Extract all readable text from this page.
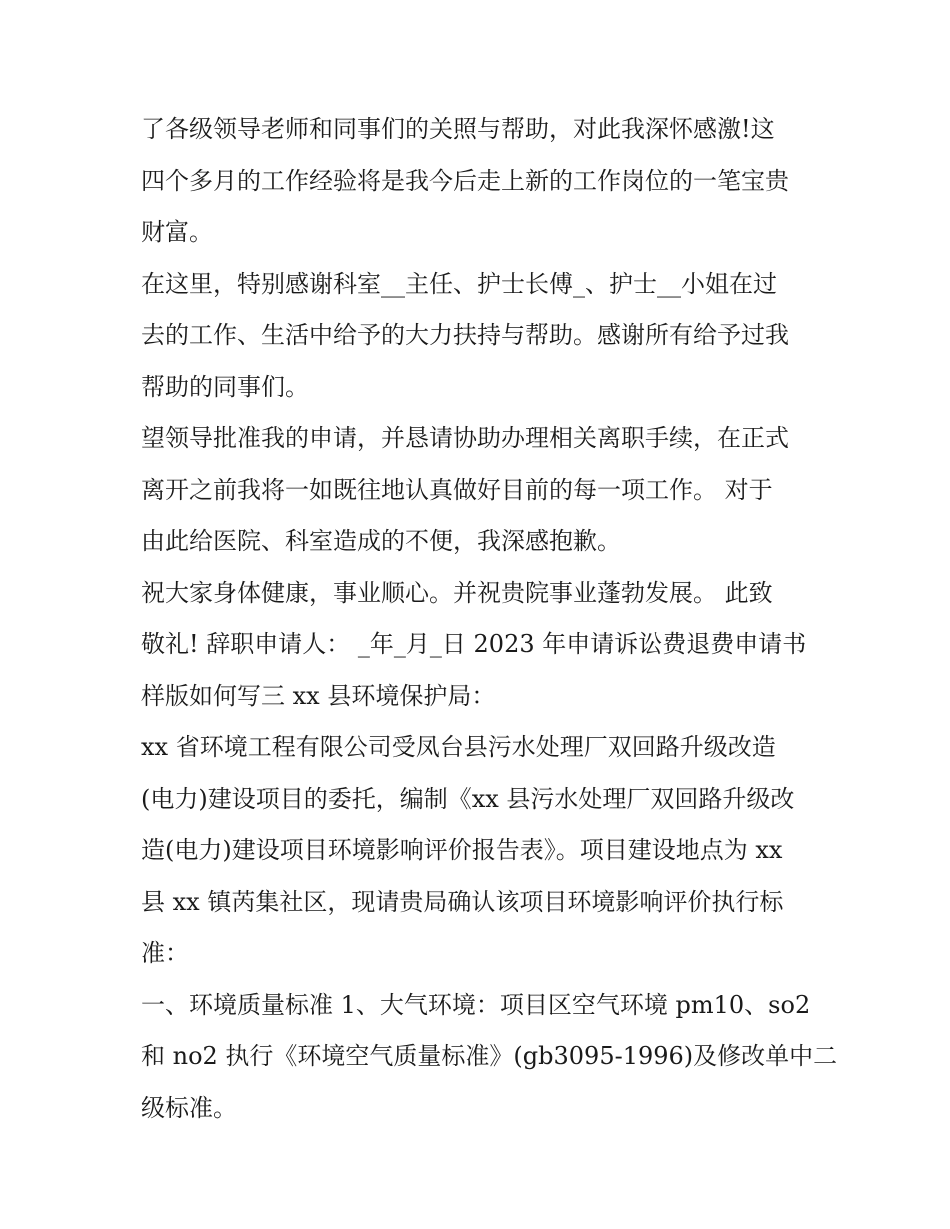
了各级领导老师和同事们的关照与帮助，对此我深怀感激!这
四个多月的工作经验将是我今后走上新的工作岗位的一笔宝贵
财富。
在这里，特别感谢科室__主任、护士长傅_、护士__小姐在过
去的工作、生活中给予的大力扶持与帮助。感谢所有给予过我
帮助的同事们。
望领导批准我的申请，并恳请协助办理相关离职手续，在正式
离开之前我将一如既往地认真做好目前的每一项工作。 对于
由此给医院、科室造成的不便，我深感抱歉。
祝大家身体健康，事业顺心。并祝贵院事业蓬勃发展。 此致
敬礼! 辞职申请人： _年_月_日 2023 年申请诉讼费退费申请书
样版如何写三 xx 县环境保护局：
xx 省环境工程有限公司受凤台县污水处理厂双回路升级改造
(电力)建设项目的委托，编制《xx 县污水处理厂双回路升级改
造(电力)建设项目环境影响评价报告表》。项目建设地点为 xx
县 xx 镇芮集社区，现请贵局确认该项目环境影响评价执行标
准：
一、环境质量标准 1、大气环境：项目区空气环境 pm10、so2
和 no2 执行《环境空气质量标准》(gb3095-1996)及修改单中二
级标准。
